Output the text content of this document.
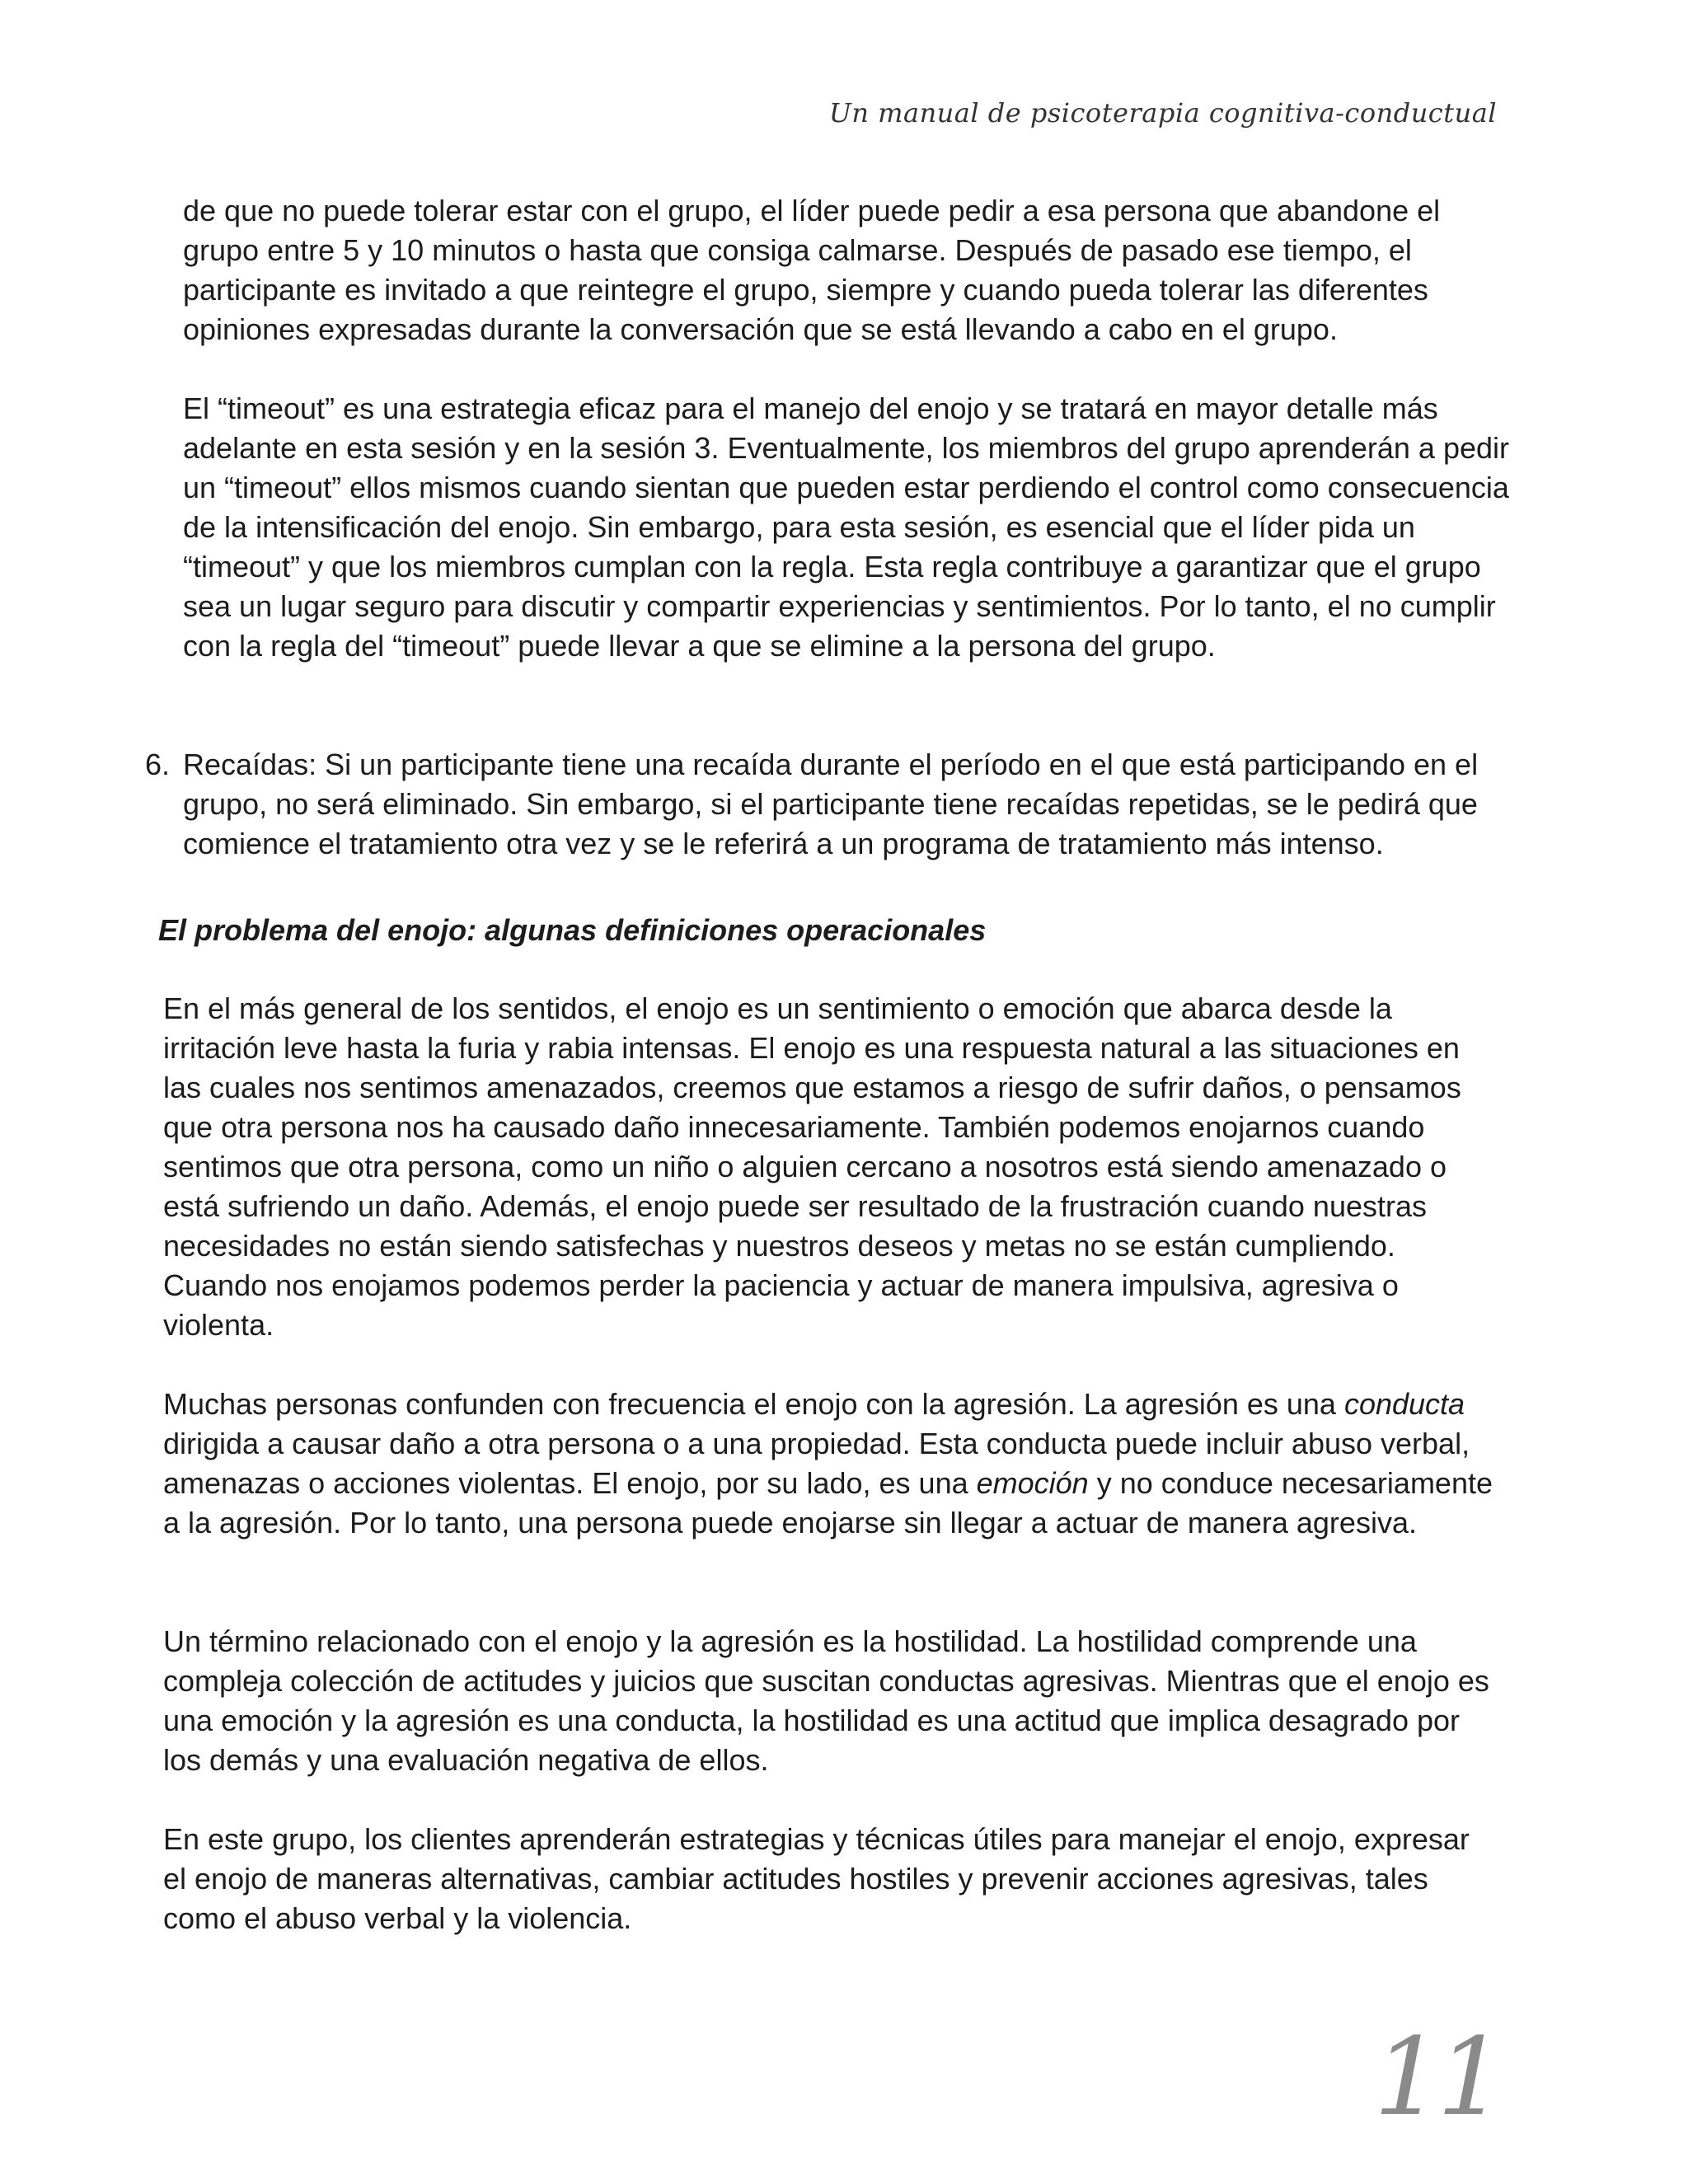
Un manual de psicoterapia cognitiva-conductual

de que no puede tolerar estar con el grupo, el líder puede pedir a esa persona que abandone el grupo entre 5 y 10 minutos o hasta que consiga calmarse. Después de pasado ese tiempo, el participante es invitado a que reintegre el grupo, siempre y cuando pueda tolerar las diferentes opiniones expresadas durante la conversación que se está llevando a cabo en el grupo.

El “timeout” es una estrategia eficaz para el manejo del enojo y se tratará en mayor detalle más adelante en esta sesión y en la sesión 3. Eventualmente, los miembros del grupo aprenderán a pedir un “timeout” ellos mismos cuando sientan que pueden estar perdiendo el control como consecuencia de la intensificación del enojo. Sin embargo, para esta sesión, es esencial que el líder pida un “timeout” y que los miembros cumplan con la regla. Esta regla contribuye a garantizar que el grupo sea un lugar seguro para discutir y compartir experiencias y sentimientos. Por lo tanto, el no cumplir con la regla del “timeout” puede llevar a que se elimine a la persona del grupo.

6. Recaídas: Si un participante tiene una recaída durante el período en el que está participando en el grupo, no será eliminado. Sin embargo, si el participante tiene recaídas repetidas, se le pedirá que comience el tratamiento otra vez y se le referirá a un programa de tratamiento más intenso.

El problema del enojo: algunas definiciones operacionales

En el más general de los sentidos, el enojo es un sentimiento o emoción que abarca desde la irritación leve hasta la furia y rabia intensas. El enojo es una respuesta natural a las situaciones en las cuales nos sentimos amenazados, creemos que estamos a riesgo de sufrir daños, o pensamos que otra persona nos ha causado daño innecesariamente. También podemos enojarnos cuando sentimos que otra persona, como un niño o alguien cercano a nosotros está siendo amenazado o está sufriendo un daño. Además, el enojo puede ser resultado de la frustración cuando nuestras necesidades no están siendo satisfechas y nuestros deseos y metas no se están cumpliendo. Cuando nos enojamos podemos perder la paciencia y actuar de manera impulsiva, agresiva o violenta.

Muchas personas confunden con frecuencia el enojo con la agresión. La agresión es una conducta dirigida a causar daño a otra persona o a una propiedad. Esta conducta puede incluir abuso verbal, amenazas o acciones violentas. El enojo, por su lado, es una emoción y no conduce necesariamente a la agresión. Por lo tanto, una persona puede enojarse sin llegar a actuar de manera agresiva.

Un término relacionado con el enojo y la agresión es la hostilidad. La hostilidad comprende una compleja colección de actitudes y juicios que suscitan conductas agresivas. Mientras que el enojo es una emoción y la agresión es una conducta, la hostilidad es una actitud que implica desagrado por los demás y una evaluación negativa de ellos.

En este grupo, los clientes aprenderán estrategias y técnicas útiles para manejar el enojo, expresar el enojo de maneras alternativas, cambiar actitudes hostiles y prevenir acciones agresivas, tales como el abuso verbal y la violencia.

11
